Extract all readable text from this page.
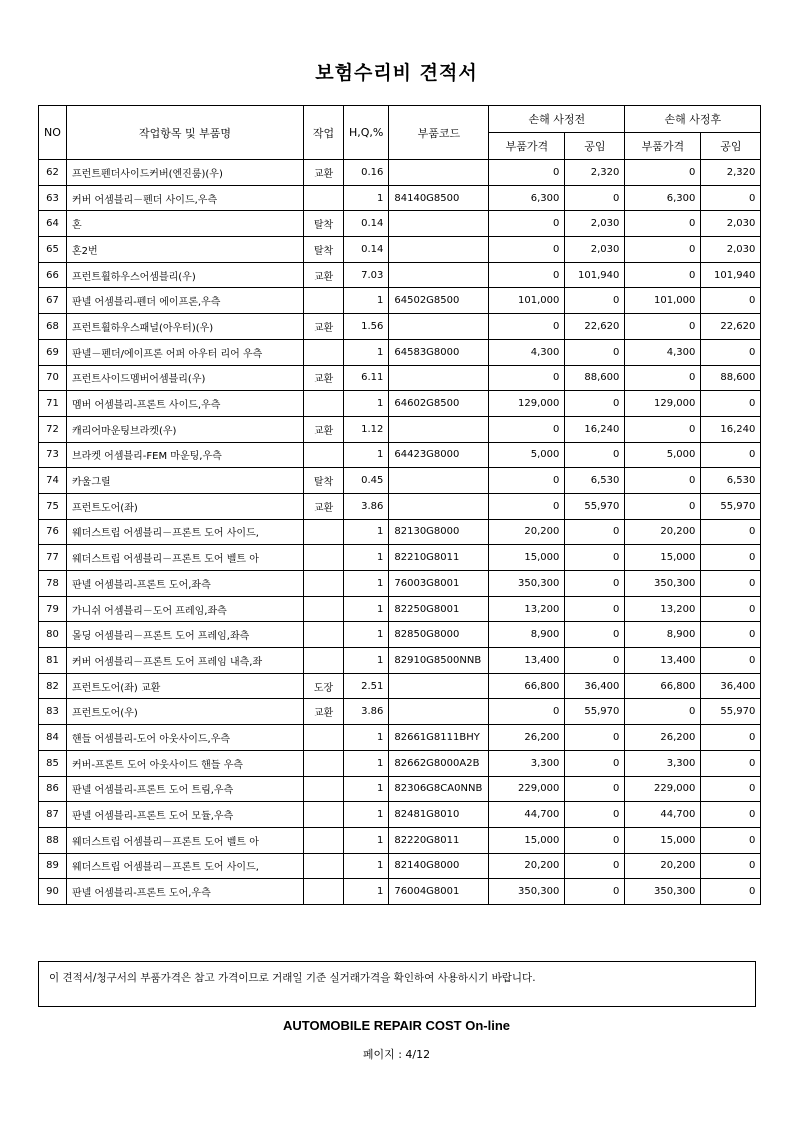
보험수리비 견적서
NO	작업항목 및 부품명	작업	H,Q,%	부품코드	손해 사정전		손해 사정후	
					부품가격	공임	부품가격	공임
62	프런트펜더사이드커버(엔진룸)(우)	교환	0.16		0	2,320	0	2,320
63	커버 어셈블리－펜더 사이드,우측		1	84140G8500	6,300	0	6,300	0
64	혼	탈착	0.14		0	2,030	0	2,030
65	혼2번	탈착	0.14		0	2,030	0	2,030
66	프런트휠하우스어셈블리(우)	교환	7.03		0	101,940	0	101,940
67	판넬 어셈블리-펜더 에이프론,우측		1	64502G8500	101,000	0	101,000	0
68	프런트휠하우스패널(아우터)(우)	교환	1.56		0	22,620	0	22,620
69	판넬－펜더/에이프론 어퍼 아우터 리어 우측		1	64583G8000	4,300	0	4,300	0
70	프런트사이드멤버어셈블리(우)	교환	6.11		0	88,600	0	88,600
71	멤버 어셈블리-프론트 사이드,우측		1	64602G8500	129,000	0	129,000	0
72	캐리어마운팅브라켓(우)	교환	1.12		0	16,240	0	16,240
73	브라켓 어셈블리-FEM 마운팅,우측		1	64423G8000	5,000	0	5,000	0
74	카울그릴	탈착	0.45		0	6,530	0	6,530
75	프런트도어(좌)	교환	3.86		0	55,970	0	55,970
76	웨더스트립 어셈블리－프론트 도어 사이드,		1	82130G8000	20,200	0	20,200	0
77	웨더스트립 어셈블리－프론트 도어 벨트 아		1	82210G8011	15,000	0	15,000	0
78	판넬 어셈블리-프론트 도어,좌측		1	76003G8001	350,300	0	350,300	0
79	가니쉬 어셈블리－도어 프레임,좌측		1	82250G8001	13,200	0	13,200	0
80	몰딩 어셈블리－프론트 도어 프레임,좌측		1	82850G8000	8,900	0	8,900	0
81	커버 어셈블리－프론트 도어 프레임 내측,좌		1	82910G8500NNB	13,400	0	13,400	0
82	프런트도어(좌) 교환	도장	2.51		66,800	36,400	66,800	36,400
83	프런트도어(우)	교환	3.86		0	55,970	0	55,970
84	핸들 어셈블리-도어 아웃사이드,우측		1	82661G8111BHY	26,200	0	26,200	0
85	커버-프론트 도어 아웃사이드 핸들 우측		1	82662G8000A2B	3,300	0	3,300	0
86	판넬 어셈블리-프론트 도어 트림,우측		1	82306G8CA0NNB	229,000	0	229,000	0
87	판넬 어셈블리-프론트 도어 모듈,우측		1	82481G8010	44,700	0	44,700	0
88	웨더스트립 어셈블리－프론트 도어 벨트 아		1	82220G8011	15,000	0	15,000	0
89	웨더스트립 어셈블리－프론트 도어 사이드,		1	82140G8000	20,200	0	20,200	0
90	판넬 어셈블리-프론트 도어,우측		1	76004G8001	350,300	0	350,300	0
이 견적서/청구서의 부품가격은 참고 가격이므로 거래일 기준 실거래가격을 확인하여 사용하시기 바랍니다.
AUTOMOBILE REPAIR COST On-line
페이지 : 4/12
